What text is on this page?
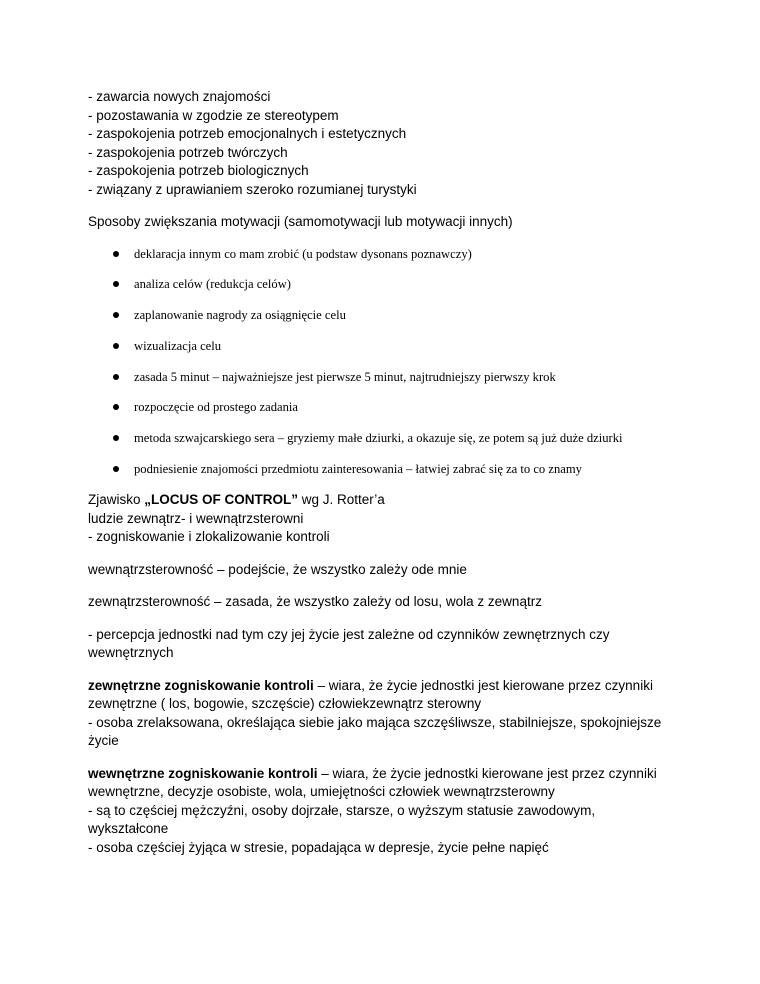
- zawarcia nowych znajomości
- pozostawania w zgodzie ze stereotypem
- zaspokojenia potrzeb emocjonalnych i estetycznych
- zaspokojenia potrzeb twórczych
- zaspokojenia potrzeb biologicznych
- związany z uprawianiem szeroko rozumianej turystyki
Sposoby zwiększania motywacji (samomotywacji lub motywacji innych)
deklaracja innym co mam zrobić (u podstaw dysonans poznawczy)
analiza celów (redukcja celów)
zaplanowanie nagrody za osiągnięcie celu
wizualizacja celu
zasada 5 minut – najważniejsze jest pierwsze 5 minut, najtrudniejszy pierwszy krok
rozpoczęcie od prostego zadania
metoda szwajcarskiego sera – gryziemy małe dziurki, a okazuje się, ze potem są już duże dziurki
podniesienie znajomości przedmiotu zainteresowania – łatwiej zabrać się za to co znamy
Zjawisko „LOCUS OF CONTROL” wg J. Rotter’a
ludzie zewnątrz- i wewnątrzsterowni
- zogniskowanie i zlokalizowanie kontroli
wewnątrzsterowność – podejście, że wszystko zależy ode mnie
zewnątrzsterowność – zasada, że wszystko zależy od losu, wola z zewnątrz
- percepcja jednostki nad tym czy jej życie jest zależne od czynników zewnętrznych czy
wewnętrznych
zewnętrzne zogniskowanie kontroli – wiara, że życie jednostki jest kierowane przez czynniki
zewnętrzne ( los, bogowie, szczęście) człowiekzewnątrz sterowny
- osoba zrelaksowana, określająca siebie jako mająca szczęśliwsze, stabilniejsze, spokojniejsze
życie
wewnętrzne zogniskowanie kontroli – wiara, że życie jednostki kierowane jest przez czynniki
wewnętrzne, decyzje osobiste, wola, umiejętności człowiek wewnątrzsterowny
- są to częściej mężczyźni, osoby dojrzałe, starsze, o wyższym statusie zawodowym,
wykształcone
- osoba częściej żyjąca w stresie, popadająca w depresje, życie pełne napięć
